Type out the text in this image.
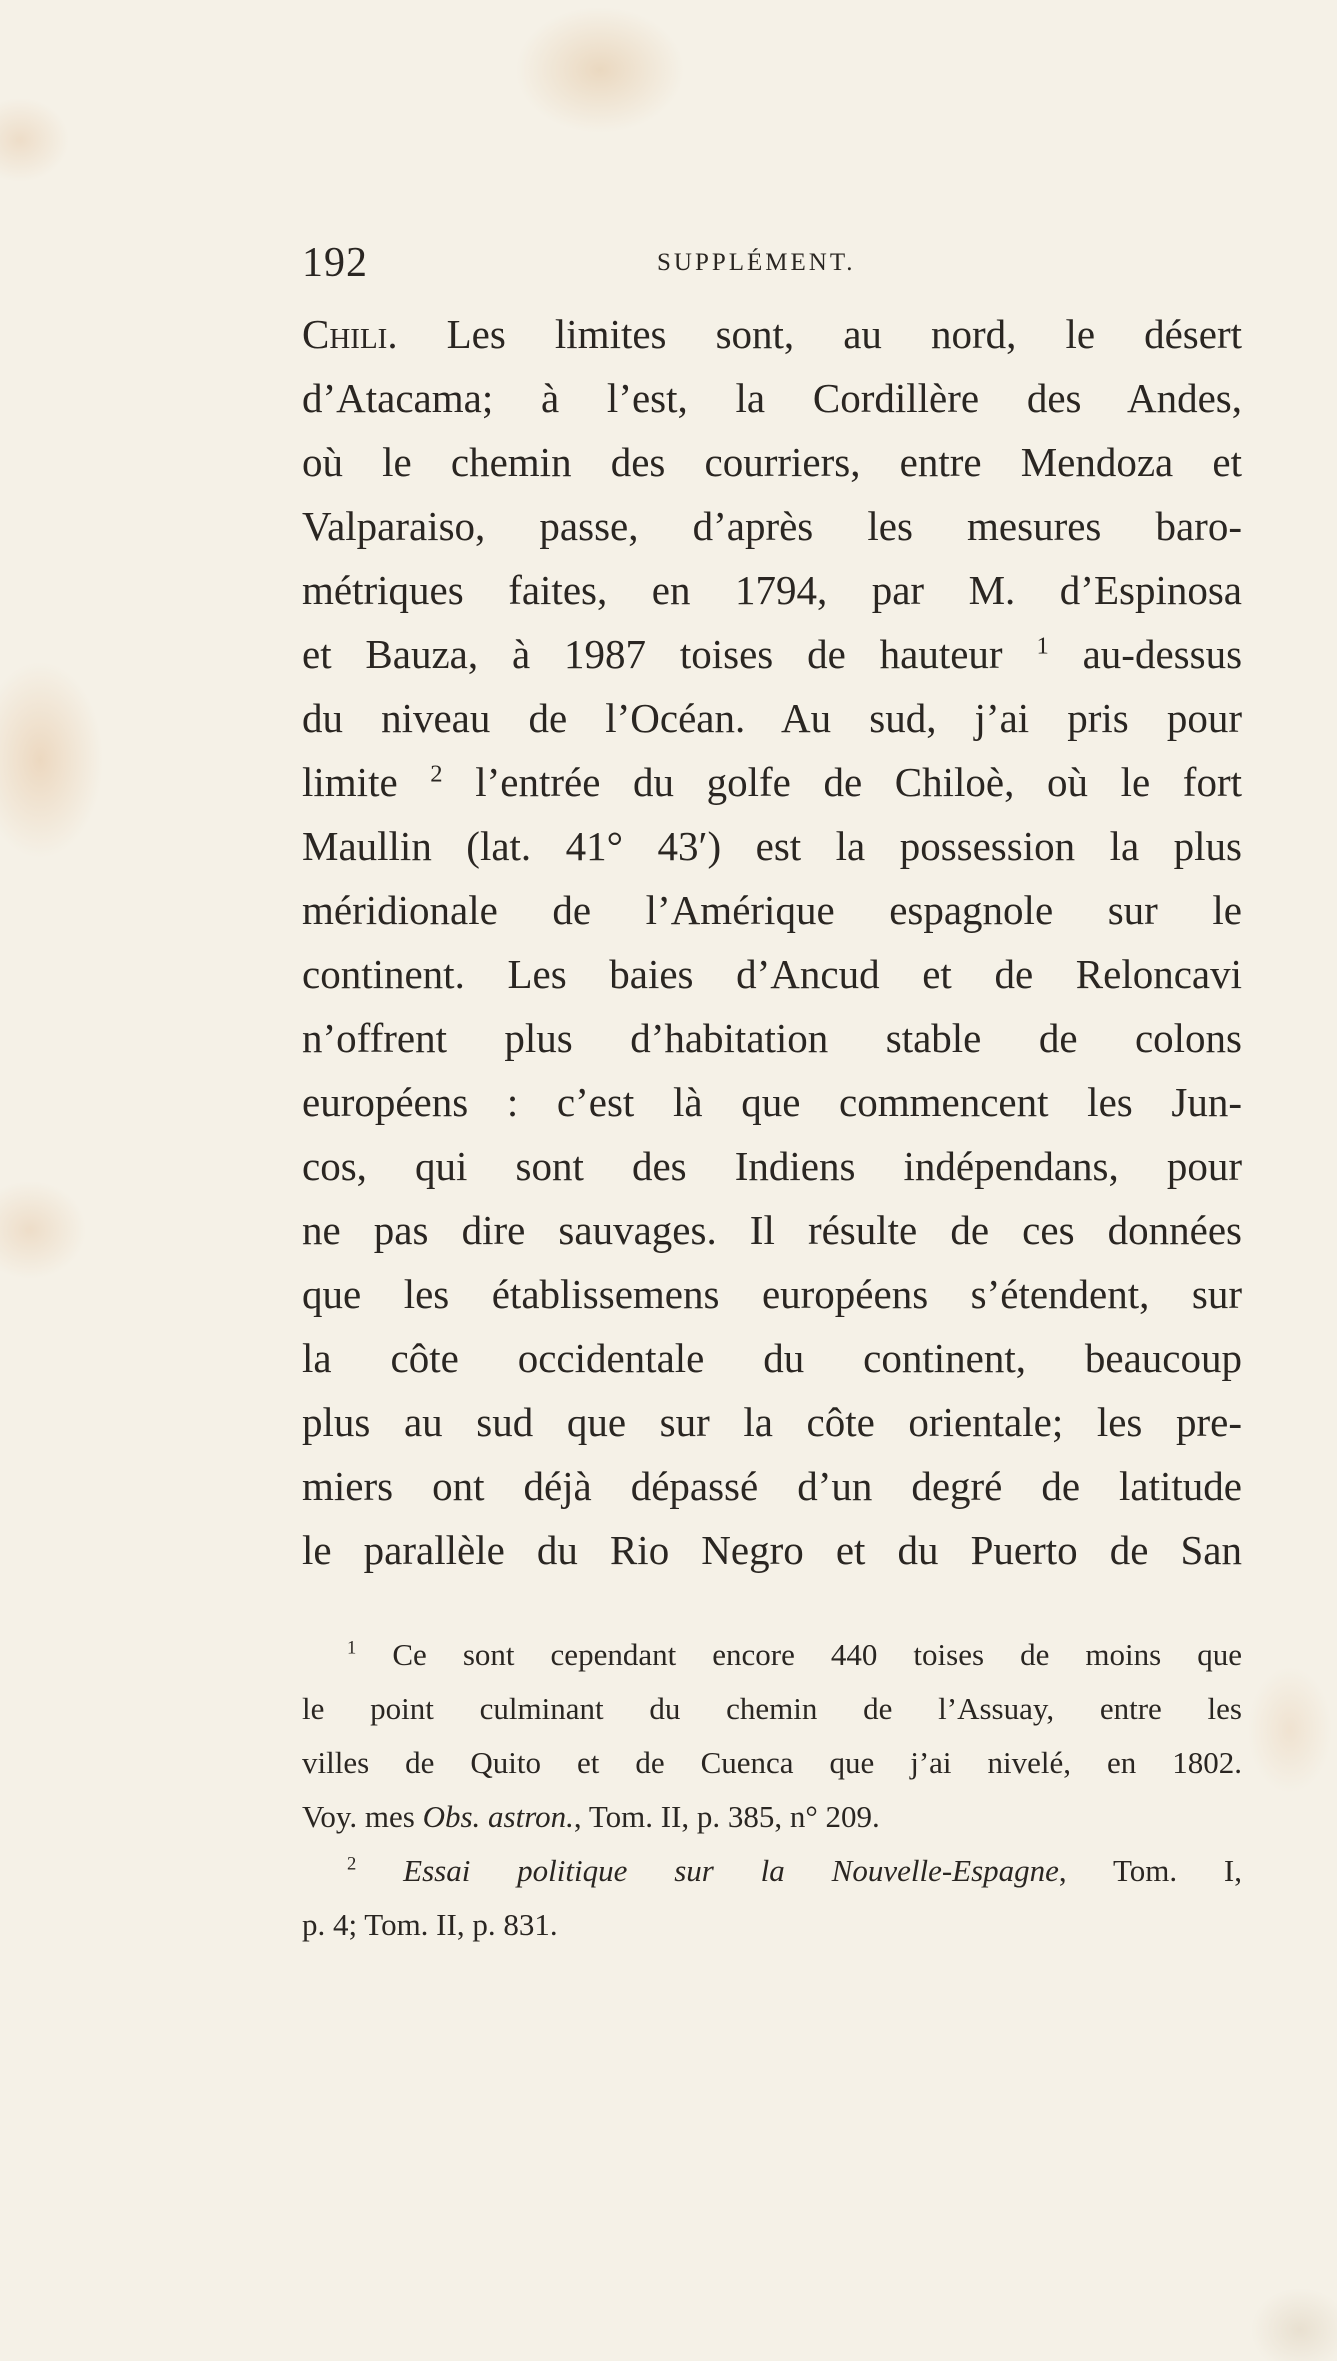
192	SUPPLÉMENT.
Chili. Les limites sont, au nord, le désert
d’Atacama; à l’est, la Cordillère des Andes,
où le chemin des courriers, entre Mendoza et
Valparaiso, passe, d’après les mesures baro-
métriques faites, en 1794, par M. d’Espinosa
et Bauza, à 1987 toises de hauteur $^1$ au-dessus
du niveau de l’Océan. Au sud, j’ai pris pour
limite $^2$ l’entrée du golfe de Chiloè, où le fort
Maullin (lat. 41° 43′) est la possession la plus
méridionale de l’Amérique espagnole sur le
continent. Les baies d’Ancud et de Reloncavi
n’offrent plus d’habitation stable de colons
européens : c’est là que commencent les Jun-
cos, qui sont des Indiens indépendans, pour
ne pas dire sauvages. Il résulte de ces données
que les établissemens européens s’étendent, sur
la côte occidentale du continent, beaucoup
plus au sud que sur la côte orientale; les pre-
miers ont déjà dépassé d’un degré de latitude
le parallèle du Rio Negro et du Puerto de San
$^1$ Ce sont cependant encore 440 toises de moins que
le point culminant du chemin de l’Assuay, entre les
villes de Quito et de Cuenca que j’ai nivelé, en 1802.
Voy. mes Obs. astron., Tom. II, p. 385, n° 209.
$^2$ Essai politique sur la Nouvelle-Espagne, Tom. I,
p. 4; Tom. II, p. 831.
